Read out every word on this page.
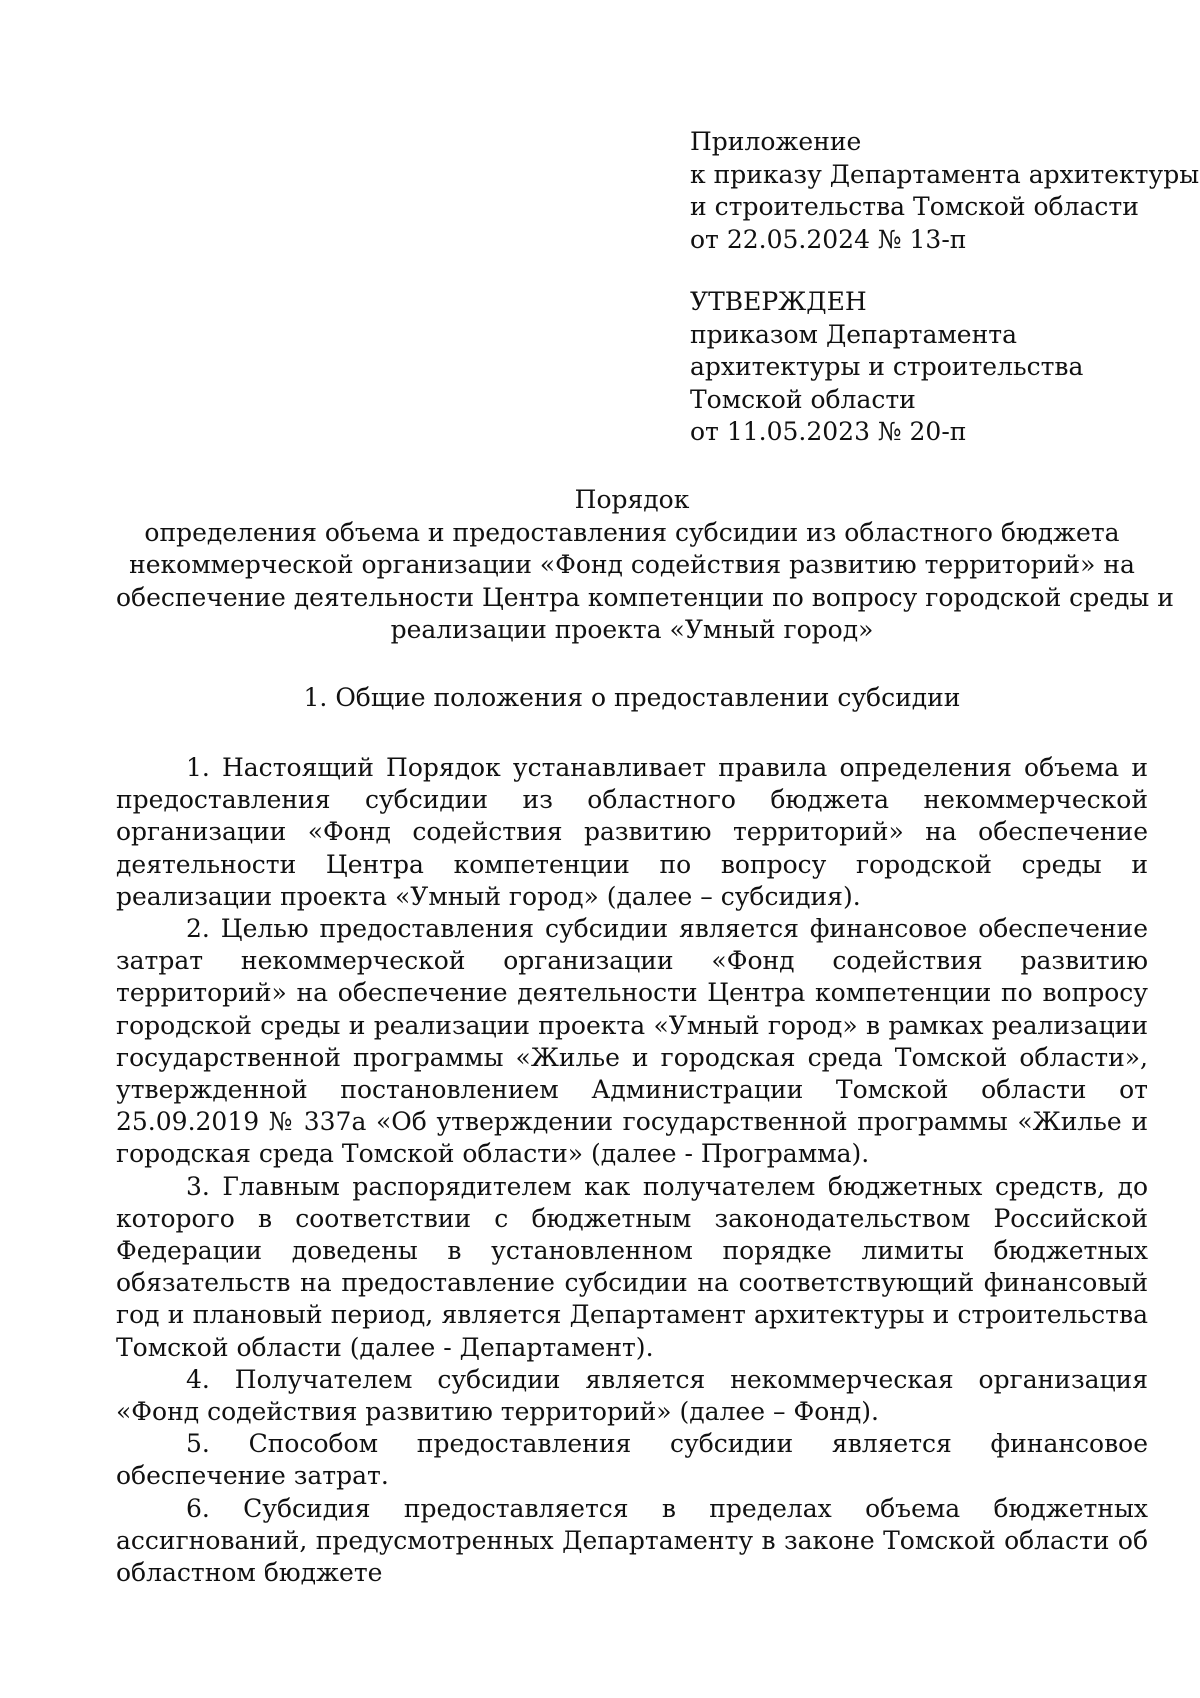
Приложение
к приказу Департамента архитектуры
и строительства Томской области
от 22.05.2024 № 13-п
УТВЕРЖДЕН
приказом Департамента
архитектуры и строительства
Томской области
от 11.05.2023 № 20-п
Порядок
определения объема и предоставления субсидии из областного бюджета
некоммерческой организации «Фонд содействия развитию территорий» на
обеспечение деятельности Центра компетенции по вопросу городской среды и
реализации проекта «Умный город»
1. Общие положения о предоставлении субсидии

1. Настоящий Порядок устанавливает правила определения объема и предоставления субсидии из областного бюджета некоммерческой организации «Фонд содействия развитию территорий» на обеспечение деятельности Центра компетенции по вопросу городской среды и реализации проекта «Умный город» (далее – субсидия).

2. Целью предоставления субсидии является финансовое обеспечение затрат некоммерческой организации «Фонд содействия развитию территорий» на обеспечение деятельности Центра компетенции по вопросу городской среды и реализации проекта «Умный город» в рамках реализации государственной программы «Жилье и городская среда Томской области», утвержденной постановлением Администрации Томской области от 25.09.2019 № 337а «Об утверждении государственной программы «Жилье и городская среда Томской области» (далее - Программа).

3. Главным распорядителем как получателем бюджетных средств, до которого в соответствии с бюджетным законодательством Российской Федерации доведены в установленном порядке лимиты бюджетных обязательств на предоставление субсидии на соответствующий финансовый год и плановый период, является Департамент архитектуры и строительства Томской области (далее - Департамент).

4. Получателем субсидии является некоммерческая организация «Фонд содействия развитию территорий» (далее – Фонд).

5. Способом предоставления субсидии является финансовое обеспечение затрат.

6. Субсидия предоставляется в пределах объема бюджетных ассигнований, предусмотренных Департаменту в законе Томской области об областном бюджете
